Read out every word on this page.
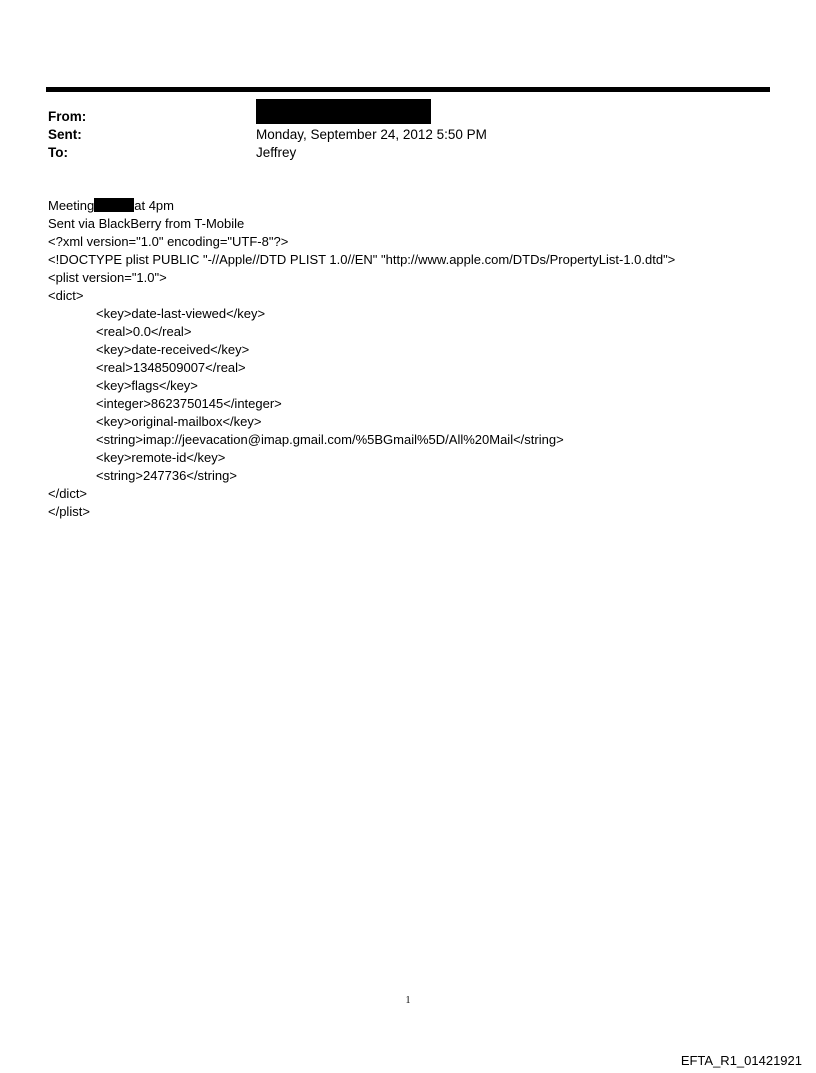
From:
Sent:	Monday, September 24, 2012 5:50 PM
To:	Jeffrey
Meeting	at 4pm
Sent via BlackBerry from T-Mobile
<?xml version="1.0" encoding="UTF-8"?>
<!DOCTYPE plist PUBLIC "-//Apple//DTD PLIST 1.0//EN" "http://www.apple.com/DTDs/PropertyList-1.0.dtd">
<plist version="1.0">
<dict>
<key>date-last-viewed</key>
<real>0.0</real>
<key>date-received</key>
<real>1348509007</real>
<key>flags</key>
<integer>8623750145</integer>
<key>original-mailbox</key>
<string>imap://jeevacation@imap.gmail.com/%5BGmail%5D/All%20Mail</string>
<key>remote-id</key>
<string>247736</string>
</dict>
</plist>
1
EFTA_R1_01421921
